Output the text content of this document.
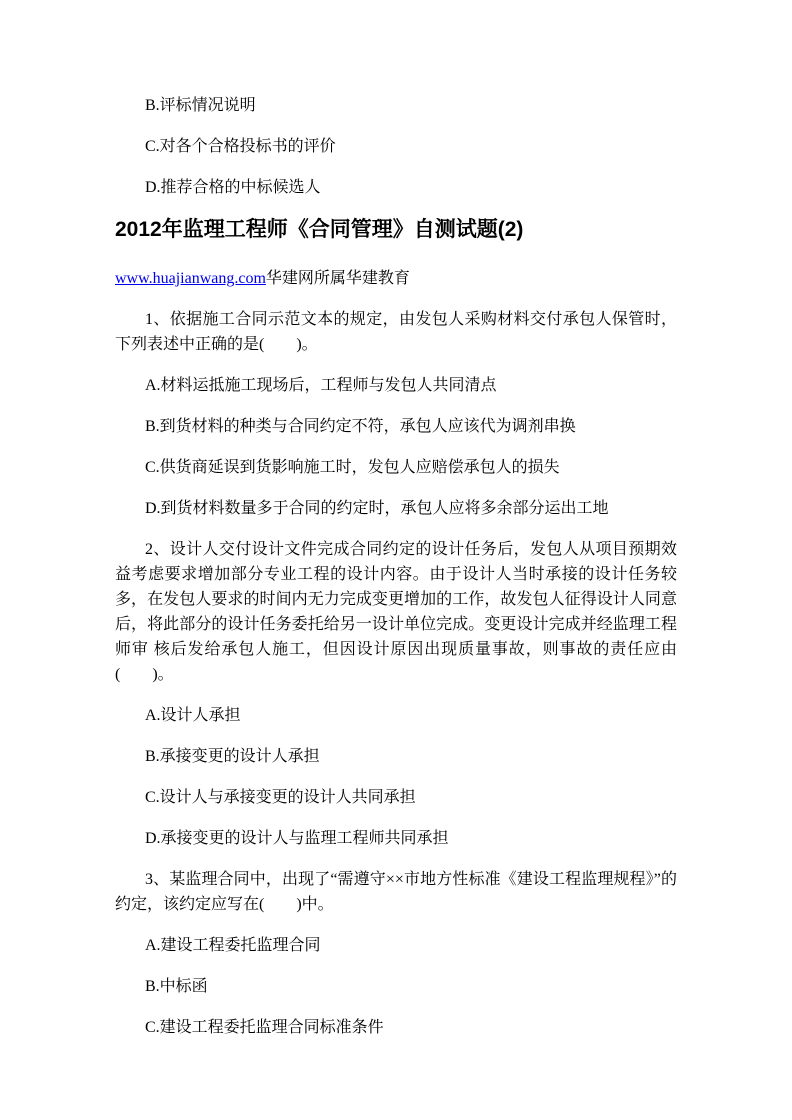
B.评标情况说明

C.对各个合格投标书的评价

D.推荐合格的中标候选人

2012年监理工程师《合同管理》自测试题(2)

www.huajianwang.com华建网所属华建教育

1、依据施工合同示范文本的规定，由发包人采购材料交付承包人保管时，下列表述中正确的是(　　)。

A.材料运抵施工现场后，工程师与发包人共同清点

B.到货材料的种类与合同约定不符，承包人应该代为调剂串换

C.供货商延误到货影响施工时，发包人应赔偿承包人的损失

D.到货材料数量多于合同的约定时，承包人应将多余部分运出工地

2、设计人交付设计文件完成合同约定的设计任务后，发包人从项目预期效益考虑要求增加部分专业工程的设计内容。由于设计人当时承接的设计任务较多，在发包人要求的时间内无力完成变更增加的工作，故发包人征得设计人同意后，将此部分的设计任务委托给另一设计单位完成。变更设计完成并经监理工程师审 核后发给承包人施工，但因设计原因出现质量事故，则事故的责任应由(　　)。

A.设计人承担

B.承接变更的设计人承担

C.设计人与承接变更的设计人共同承担

D.承接变更的设计人与监理工程师共同承担

3、某监理合同中，出现了“需遵守××市地方性标准《建设工程监理规程》”的约定，该约定应写在(　　)中。

A.建设工程委托监理合同

B.中标函

C.建设工程委托监理合同标准条件
